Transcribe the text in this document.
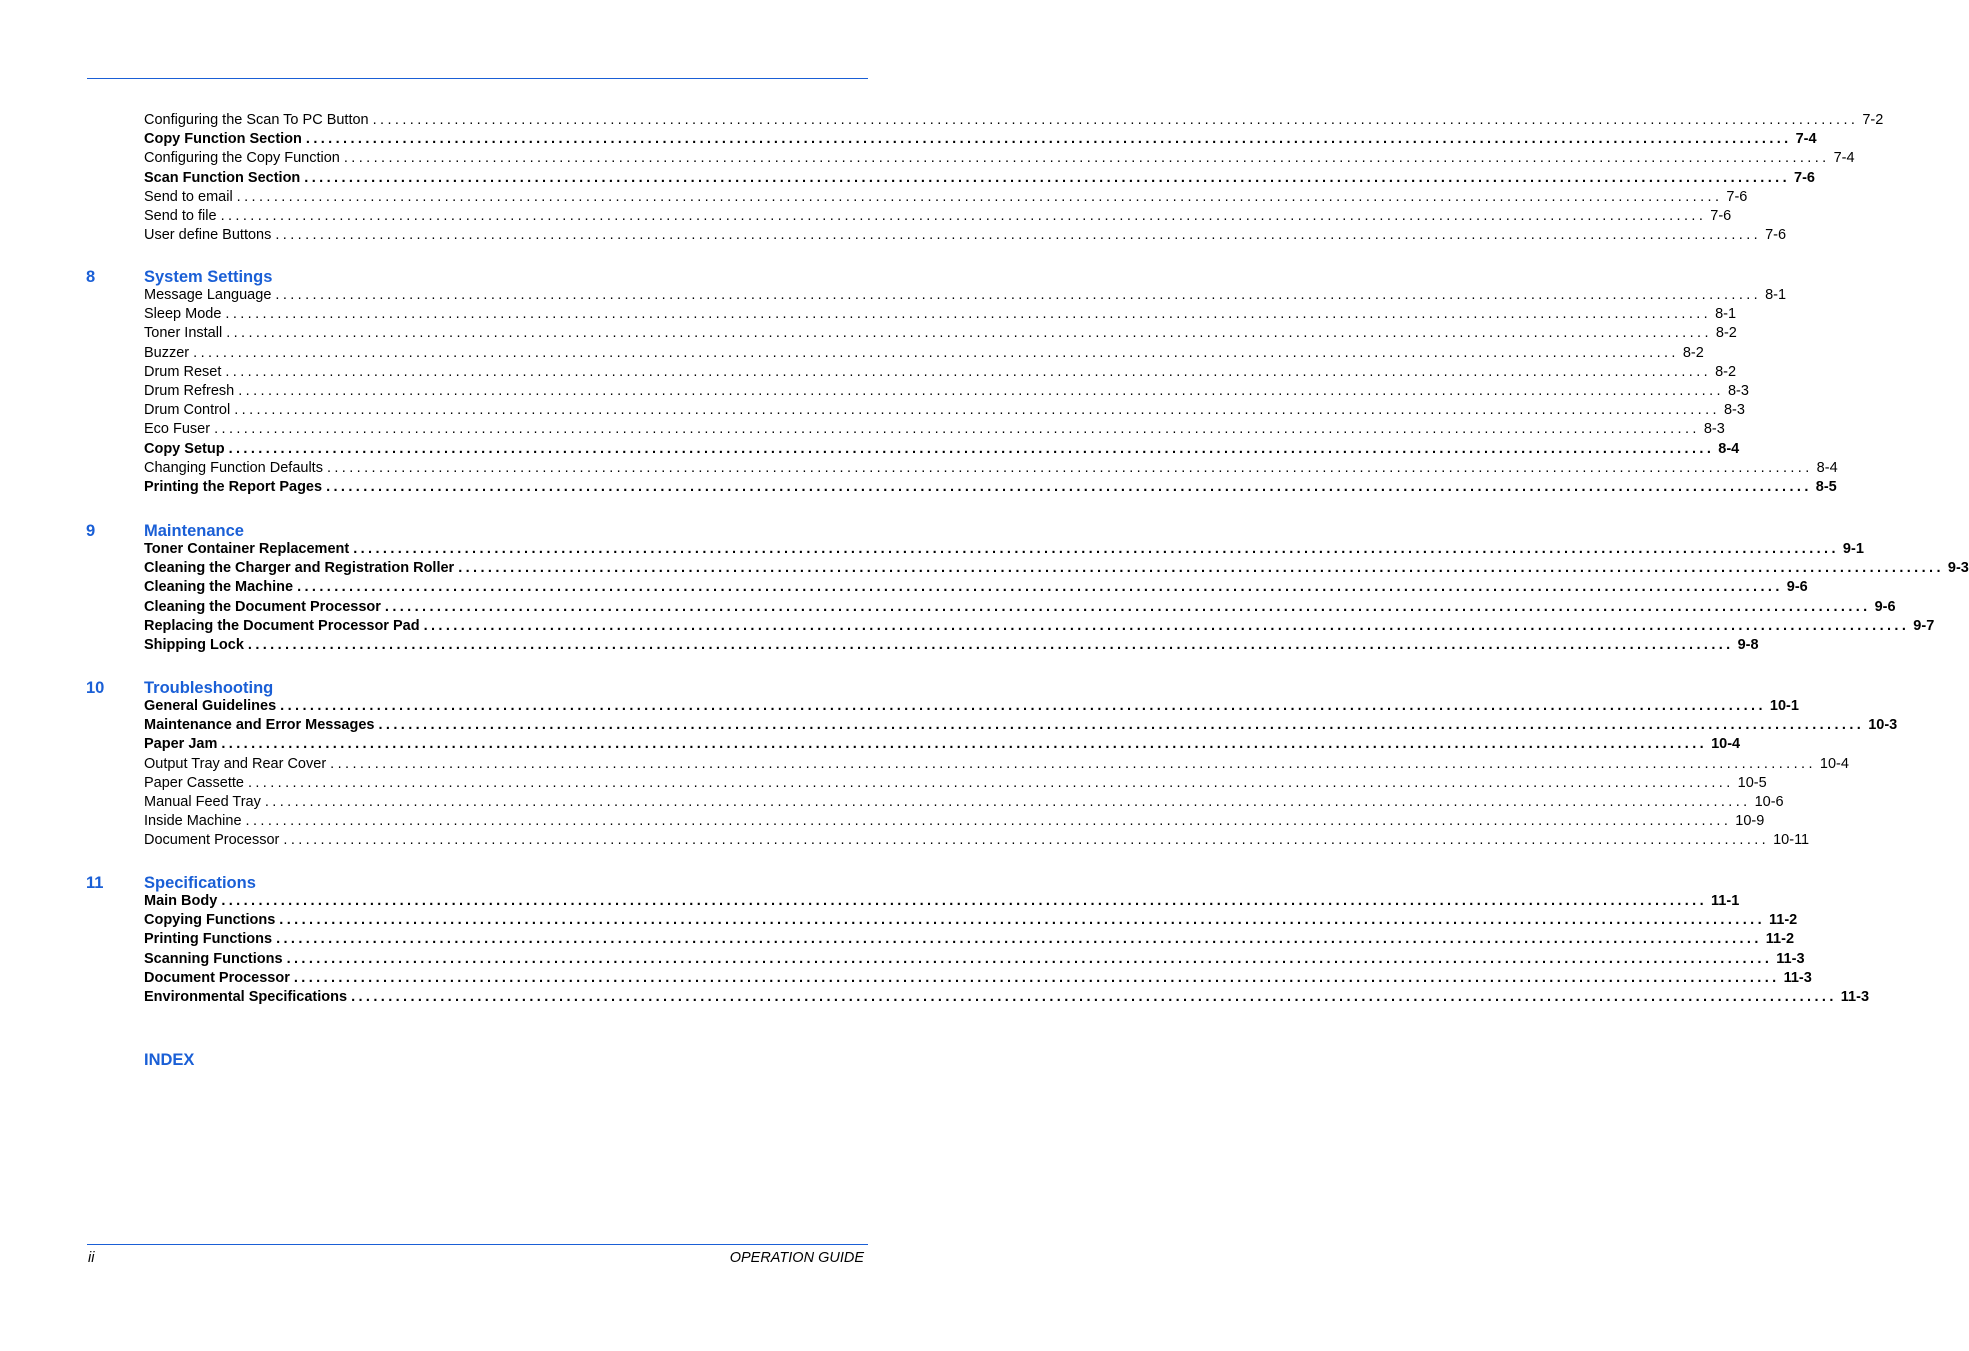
Configuring the Scan To PC Button ........................................................................................................................................................................................................ 7-2
Copy Function Section ........................................................................................................................................................................................................ 7-4
Configuring the Copy Function ........................................................................................................................................................................................................ 7-4
Scan Function Section ........................................................................................................................................................................................................ 7-6
Send to email ........................................................................................................................................................................................................ 7-6
Send to file ........................................................................................................................................................................................................ 7-6
User define Buttons ........................................................................................................................................................................................................ 7-6
8	System Settings
Message Language ........................................................................................................................................................................................................ 8-1
Sleep Mode ........................................................................................................................................................................................................ 8-1
Toner Install ........................................................................................................................................................................................................ 8-2
Buzzer ........................................................................................................................................................................................................ 8-2
Drum Reset ........................................................................................................................................................................................................ 8-2
Drum Refresh ........................................................................................................................................................................................................ 8-3
Drum Control ........................................................................................................................................................................................................ 8-3
Eco Fuser ........................................................................................................................................................................................................ 8-3
Copy Setup ........................................................................................................................................................................................................ 8-4
Changing Function Defaults ........................................................................................................................................................................................................ 8-4
Printing the Report Pages ........................................................................................................................................................................................................ 8-5
9	Maintenance
Toner Container Replacement ........................................................................................................................................................................................................ 9-1
Cleaning the Charger and Registration Roller ........................................................................................................................................................................................................ 9-3
Cleaning the Machine ........................................................................................................................................................................................................ 9-6
Cleaning the Document Processor ........................................................................................................................................................................................................ 9-6
Replacing the Document Processor Pad ........................................................................................................................................................................................................ 9-7
Shipping Lock ........................................................................................................................................................................................................ 9-8
10 Troubleshooting
General Guidelines ........................................................................................................................................................................................................ 10-1
Maintenance and Error Messages ........................................................................................................................................................................................................ 10-3
Paper Jam ........................................................................................................................................................................................................ 10-4
Output Tray and Rear Cover ........................................................................................................................................................................................................ 10-4
Paper Cassette ........................................................................................................................................................................................................ 10-5
Manual Feed Tray ........................................................................................................................................................................................................ 10-6
Inside Machine ........................................................................................................................................................................................................ 10-9
Document Processor ........................................................................................................................................................................................................ 10-11
11 Specifications
Main Body ........................................................................................................................................................................................................ 11-1
Copying Functions ........................................................................................................................................................................................................ 11-2
Printing Functions ........................................................................................................................................................................................................ 11-2
Scanning Functions ........................................................................................................................................................................................................ 11-3
Document Processor ........................................................................................................................................................................................................ 11-3
Environmental Specifications ........................................................................................................................................................................................................ 11-3
INDEX
ii	OPERATION GUIDE
